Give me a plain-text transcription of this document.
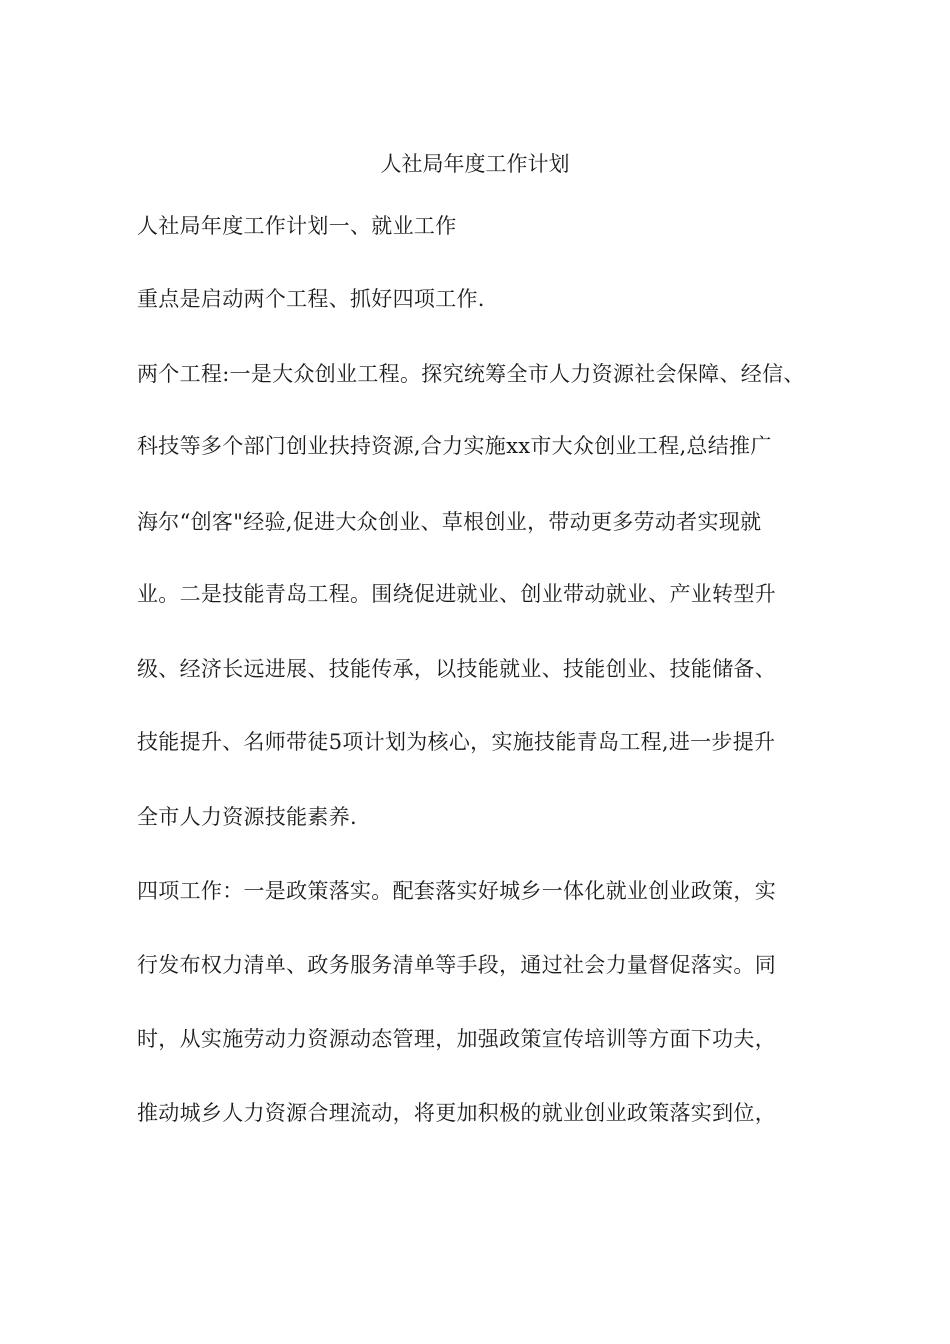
人社局年度工作计划
人社局年度工作计划一、就业工作
重点是启动两个工程、抓好四项工作.
两个工程:一是大众创业工程。探究统筹全市人力资源社会保障、经信、
科技等多个部门创业扶持资源,合力实施xx市大众创业工程,总结推广
海尔“创客"经验,促进大众创业、草根创业，带动更多劳动者实现就
业。二是技能青岛工程。围绕促进就业、创业带动就业、产业转型升
级、经济长远进展、技能传承，以技能就业、技能创业、技能储备、
技能提升、名师带徒5项计划为核心，实施技能青岛工程,进一步提升
全市人力资源技能素养.
四项工作：一是政策落实。配套落实好城乡一体化就业创业政策，实
行发布权力清单、政务服务清单等手段，通过社会力量督促落实。同
时，从实施劳动力资源动态管理，加强政策宣传培训等方面下功夫，
推动城乡人力资源合理流动，将更加积极的就业创业政策落实到位，
